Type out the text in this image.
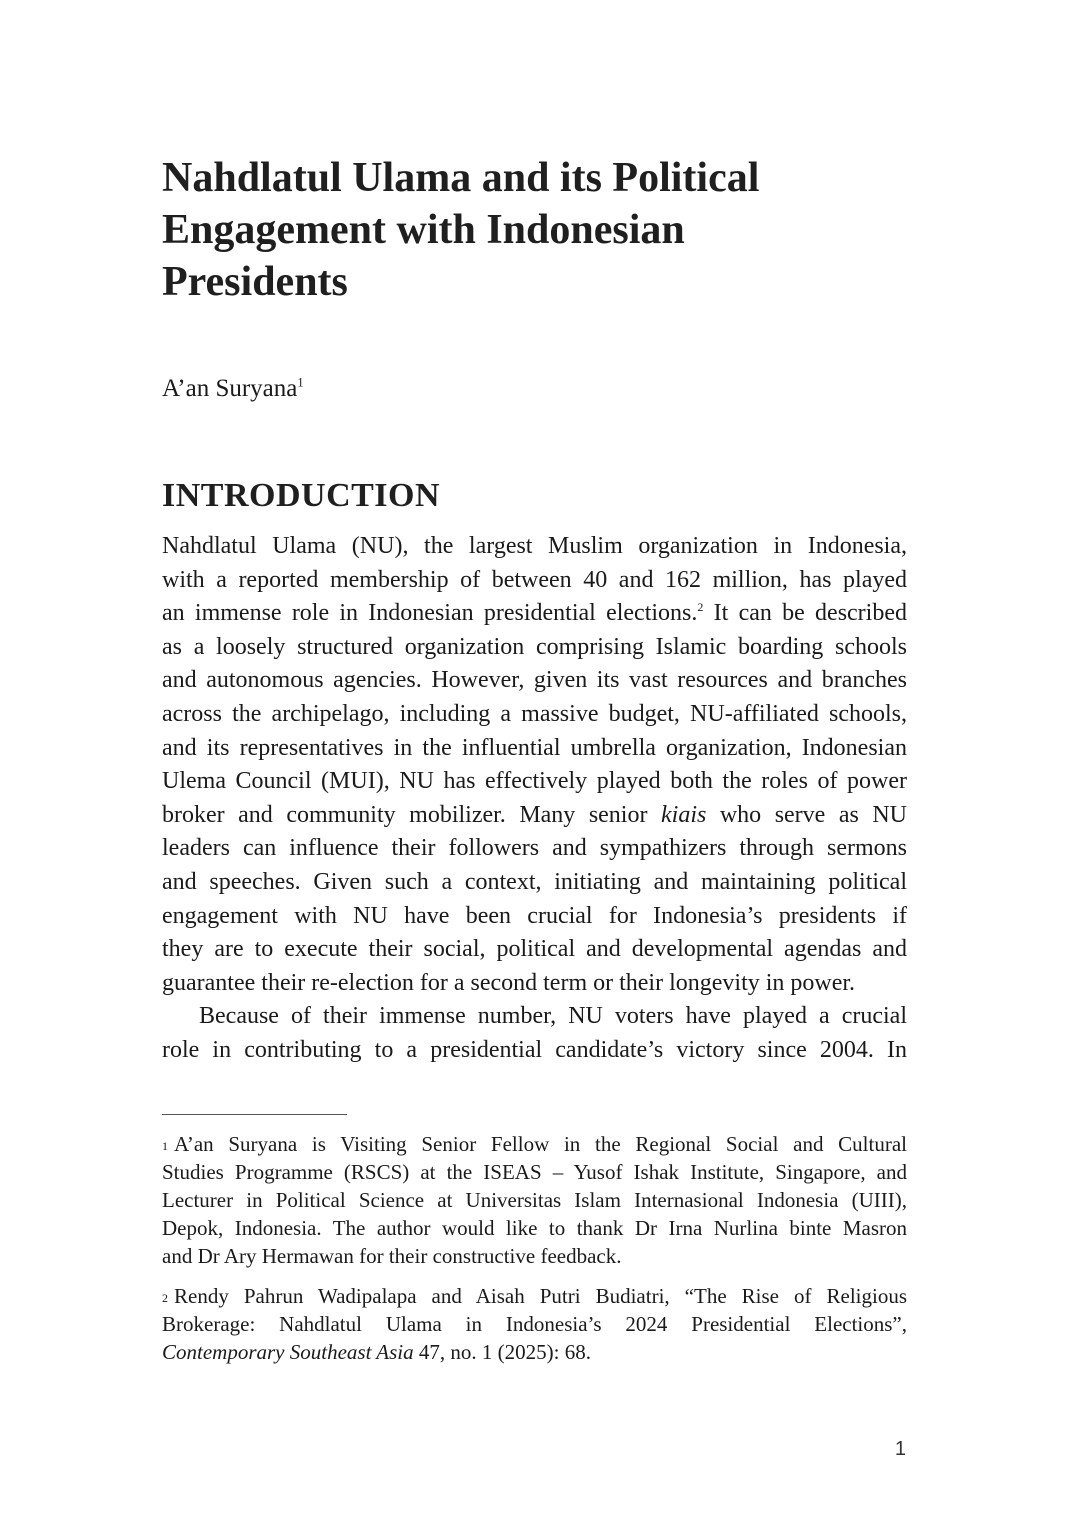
Nahdlatul Ulama and its Political
Engagement with Indonesian
Presidents
A’an Suryana$^1$
INTRODUCTION
Nahdlatul Ulama (NU), the largest Muslim organization in Indonesia,
with a reported membership of between 40 and 162 million, has played
an immense role in Indonesian presidential elections.$^2$ It can be described
as a loosely structured organization comprising Islamic boarding schools
and autonomous agencies. However, given its vast resources and branches
across the archipelago, including a massive budget, NU-affiliated schools,
and its representatives in the influential umbrella organization, Indonesian
Ulema Council (MUI), NU has effectively played both the roles of power
broker and community mobilizer. Many senior kiais who serve as NU
leaders can influence their followers and sympathizers through sermons
and speeches. Given such a context, initiating and maintaining political
engagement with NU have been crucial for Indonesia’s presidents if
they are to execute their social, political and developmental agendas and
guarantee their re-election for a second term or their longevity in power.
Because of their immense number, NU voters have played a crucial
role in contributing to a presidential candidate’s victory since 2004. In
$^1$ A’an Suryana is Visiting Senior Fellow in the Regional Social and Cultural
Studies Programme (RSCS) at the ISEAS – Yusof Ishak Institute, Singapore, and
Lecturer in Political Science at Universitas Islam Internasional Indonesia (UIII),
Depok, Indonesia. The author would like to thank Dr Irna Nurlina binte Masron
and Dr Ary Hermawan for their constructive feedback.
$^2$ Rendy Pahrun Wadipalapa and Aisah Putri Budiatri, “The Rise of Religious
Brokerage: Nahdlatul Ulama in Indonesia’s 2024 Presidential Elections”,
Contemporary Southeast Asia 47, no. 1 (2025): 68.
1
